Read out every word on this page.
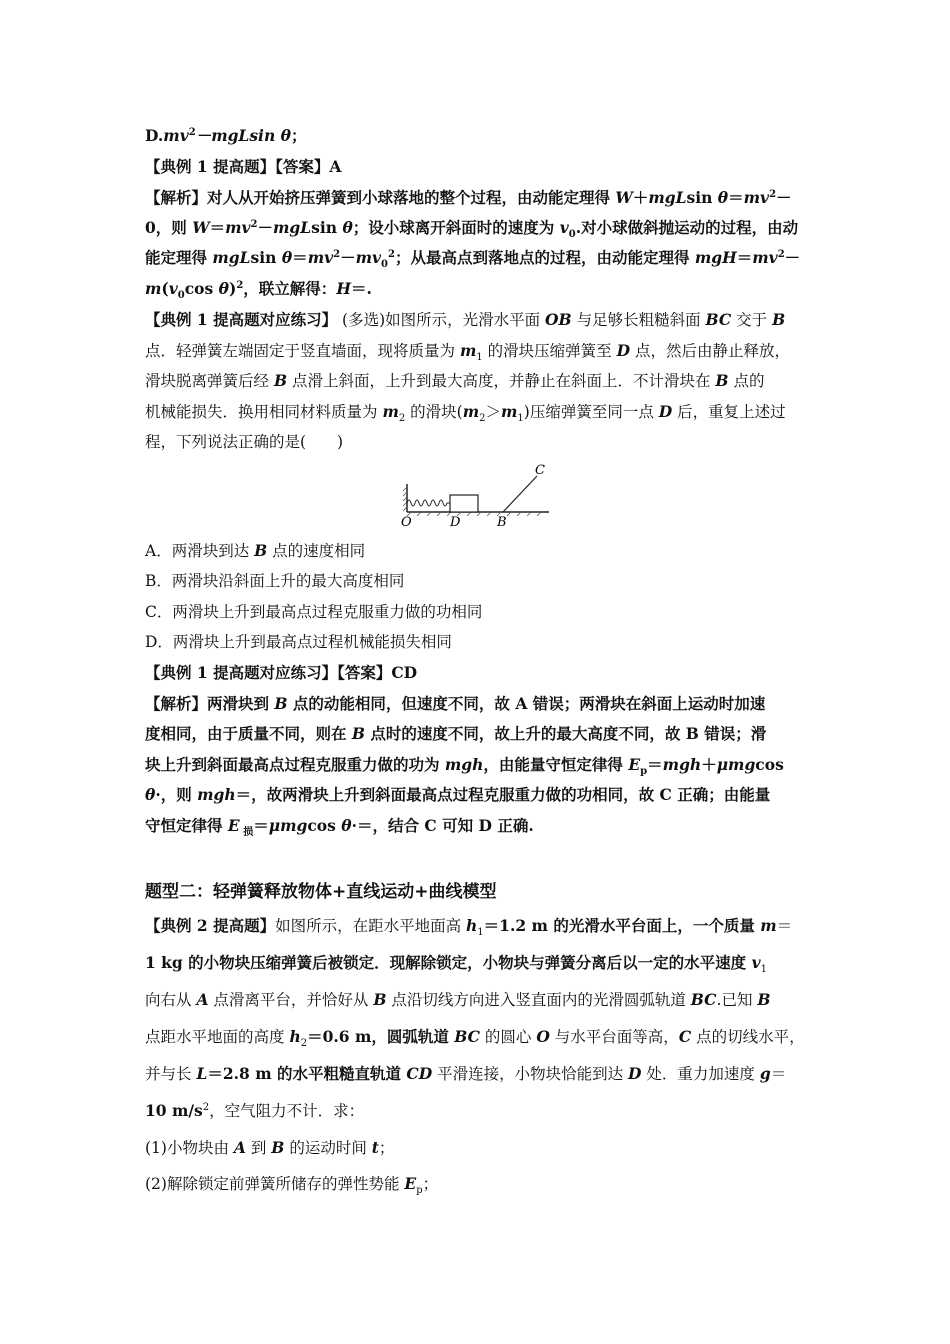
$D.mv^2-mgLsin$ θ；
【典例 1 提高题】【答案】A
【解析】对人从开始挤压弹簧到小球落地的整个过程，由动能定理得 W＋mgLsin $\theta=mv^2-$
0，则 $W=mv^2-mgLsin$ θ；设小球离开斜面时的速度为 $v_0$.对小球做斜抛运动的过程，由动
能定理得 mgLsin $\theta=mv^2-mv_0^2$；从最高点到落地点的过程，由动能定理得 $mgH=mv^2-$
$m(v_0\cos$ θ)$^2$，联立解得：H＝.
【典例 1 提高题对应练习】 (多选)如图所示，光滑水平面 OB 与足够长粗糙斜面 BC 交于 B
点．轻弹簧左端固定于竖直墙面，现将质量为 $m_1$ 的滑块压缩弹簧至 D 点，然后由静止释放，
滑块脱离弹簧后经 B 点滑上斜面，上升到最大高度，并静止在斜面上．不计滑块在 B 点的
机械能损失．换用相同材料质量为 $m_2$ 的滑块$(m_2>m_1)$压缩弹簧至同一点 D 后，重复上述过
程，下列说法正确的是(　　)
C
O	D	B
A．两滑块到达 B 点的速度相同
B．两滑块沿斜面上升的最大高度相同
C．两滑块上升到最高点过程克服重力做的功相同
D．两滑块上升到最高点过程机械能损失相同
【典例 1 提高题对应练习】【答案】CD
【解析】两滑块到 B 点的动能相同，但速度不同，故 A 错误；两滑块在斜面上运动时加速
度相同，由于质量不同，则在 B 点时的速度不同，故上升的最大高度不同，故 B 错误；滑
块上升到斜面最高点过程克服重力做的功为 mgh，由能量守恒定律得 $E_p=mgh+\mu mgcos$
θ·，则 mgh＝，故两滑块上升到斜面最高点过程克服重力做的功相同，故 C 正确；由能量
守恒定律得 E $_损$＝μmgcos θ·＝，结合 C 可知 D 正确.
题型二：轻弹簧释放物体+直线运动+曲线模型
【典例 2 提高题】如图所示，在距水平地面高 $h_1=1.2$ m 的光滑水平台面上，一个质量 m＝
1 kg 的小物块压缩弹簧后被锁定．现解除锁定，小物块与弹簧分离后以一定的水平速度 $v_1$
向右从 A 点滑离平台，并恰好从 B 点沿切线方向进入竖直面内的光滑圆弧轨道 BC.已知 B
点距水平地面的高度 $h_2=0.6$ m，圆弧轨道 BC 的圆心 O 与水平台面等高，C 点的切线水平，
并与长 L＝2.8 m 的水平粗糙直轨道 CD 平滑连接，小物块恰能到达 D 处．重力加速度 g＝
10 $m/s^2$，空气阻力不计．求：
(1)小物块由 A 到 B 的运动时间 t；
(2)解除锁定前弹簧所储存的弹性势能 $E_p$；
